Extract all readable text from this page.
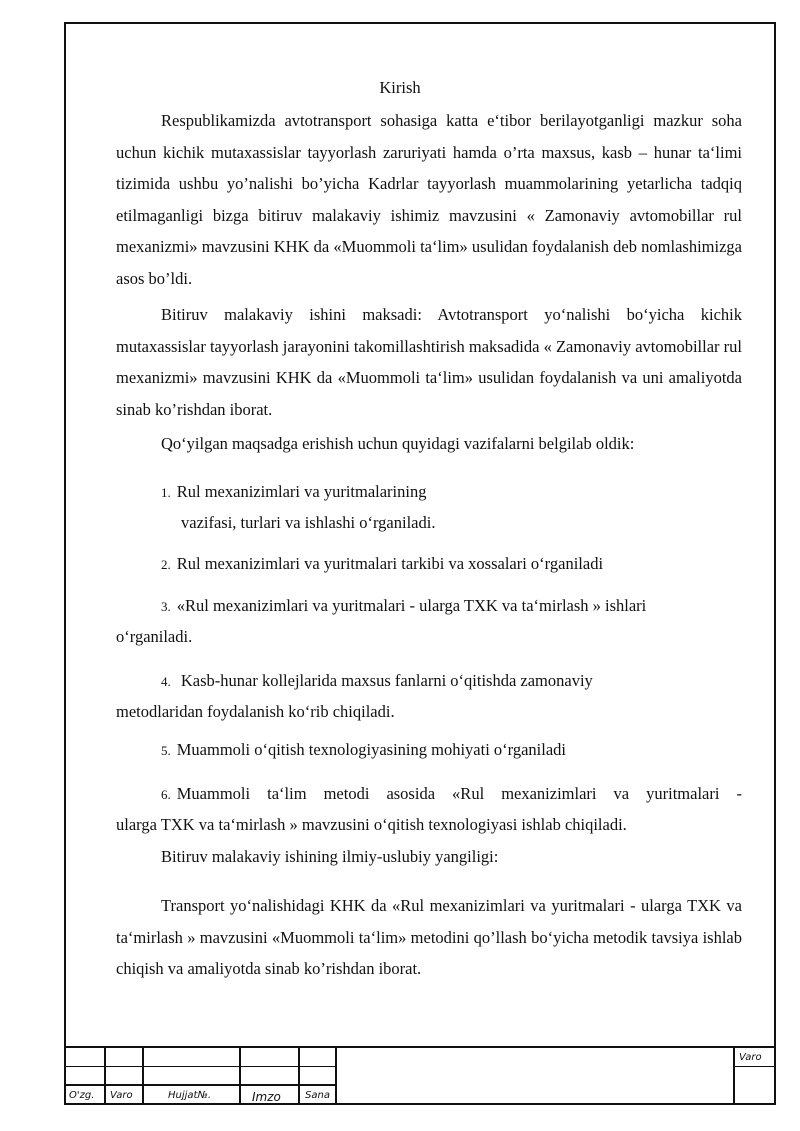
Kirish
Respublikamizda avtotransport sohasiga katta e‘tibor berilayotganligi mazkur soha uchun kichik mutaxassislar tayyorlash zaruriyati hamda o’rta maxsus, kasb – hunar ta‘limi tizimida ushbu yo’nalishi bo’yicha Kadrlar tayyorlash muammolarining yetarlicha tadqiq etilmaganligi bizga bitiruv malakaviy ishimiz mavzusini « Zamonaviy avtomobillar rul mexanizmi» mavzusini KHK da «Muommoli ta‘lim» usulidan foydalanish deb nomlashimizga asos bo’ldi.
Bitiruv malakaviy ishini maksadi: Avtotransport yo‘nalishi bo‘yicha kichik mutaxassislar tayyorlash jarayonini takomillashtirish maksadida « Zamonaviy avtomobillar rul mexanizmi» mavzusini KHK da «Muommoli ta‘lim» usulidan foydalanish va uni amaliyotda sinab ko’rishdan iborat.
Qo‘yilgan maqsadga erishish uchun quyidagi vazifalarni belgilab oldik:
1. Rul mexanizimlari va yuritmalarining
vazifasi, turlari va ishlashi o‘rganiladi.
2. Rul mexanizimlari va yuritmalari tarkibi va xossalari o‘rganiladi
3. «Rul mexanizimlari va yuritmalari - ularga TXK va ta‘mirlash » ishlari
o‘rganiladi.
4. Kasb-hunar kollejlarida maxsus fanlarni o‘qitishda zamonaviy
metodlaridan foydalanish ko‘rib chiqiladi.
5. Muammoli o‘qitish texnologiyasining mohiyati o‘rganiladi
6. Muammoli ta‘lim metodi asosida «Rul mexanizimlari va yuritmalari -
ularga TXK va ta‘mirlash » mavzusini o‘qitish texnologiyasi ishlab chiqiladi.
Bitiruv malakaviy ishining ilmiy-uslubiy yangiligi:
Transport yo‘nalishidagi KHK da «Rul mexanizimlari va yuritmalari - ularga TXK va ta‘mirlash » mavzusini «Muommoli ta‘lim» metodini qo’llash bo‘yicha metodik tavsiya ishlab chiqish va amaliyotda sinab ko’rishdan iborat.
O'zg. Varo	Hujjat№.	Imzo Sana
Varo
